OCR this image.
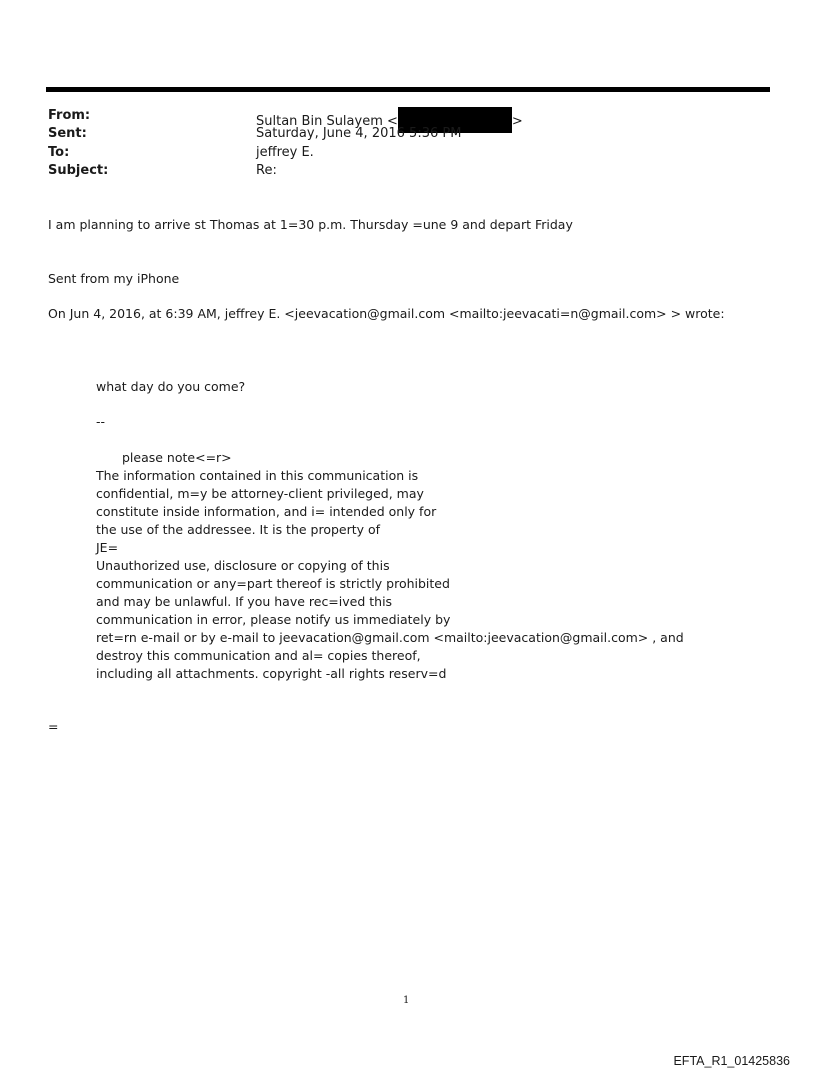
From:	Sultan Bin Sulayem <	>
Sent:	Saturday, June 4, 2016 5:36 PM
To:	jeffrey E.
Subject:	Re:
I am planning to arrive st Thomas at 1=30 p.m. Thursday =une 9 and depart Friday
Sent from my iPhone
On Jun 4, 2016, at 6:39 AM, jeffrey E. <jeevacation@gmail.com <mailto:jeevacati=n@gmail.com> > wrote:
what day do you come?
--
please note<=r>
The information contained in this communication is
confidential, m=y be attorney-client privileged, may
constitute inside information, and i= intended only for
the use of the addressee. It is the property of
JE=
Unauthorized use, disclosure or copying of this
communication or any=part thereof is strictly prohibited
and may be unlawful. If you have rec=ived this
communication in error, please notify us immediately by
ret=rn e-mail or by e-mail to jeevacation@gmail.com <mailto:jeevacation@gmail.com> , and
destroy this communication and al= copies thereof,
including all attachments. copyright -all rights reserv=d
=
1
EFTA_R1_01425836
